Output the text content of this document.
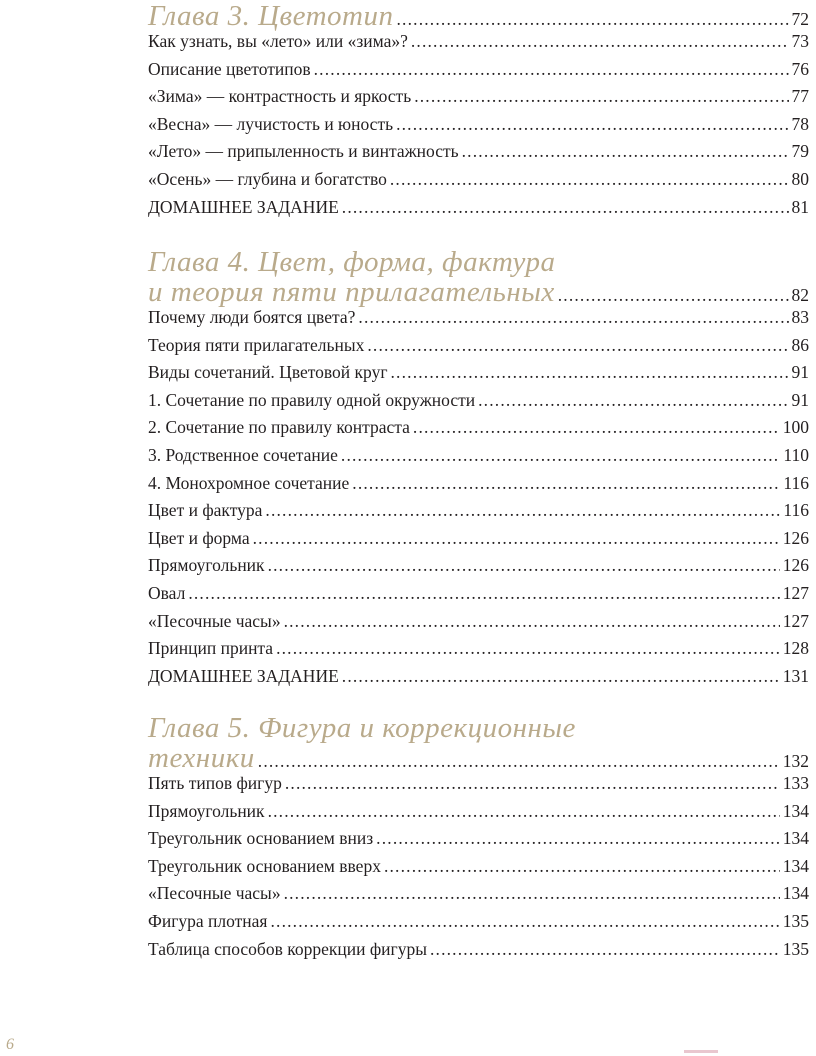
Глава 3. Цветотип . . .	72
Как узнать, вы «лето» или «зима»? . . .	73
Описание цветотипов . . .	76
«Зима» — контрастность и яркость . . .	77
«Весна» — лучистость и юность . . .	78
«Лето» — припыленность и винтажность . . .	79
«Осень» — глубина и богатство . . .	80
ДОМАШНЕЕ ЗАДАНИЕ . . .	81
Глава 4. Цвет, форма, фактура
и теория пяти прилагательных . . .	82
Почему люди боятся цвета? . . .	83
Теория пяти прилагательных . . .	86
Виды сочетаний. Цветовой круг . . .	91
1. Сочетание по правилу одной окружности . . .	91
2. Сочетание по правилу контраста . . .	100
3. Родственное сочетание . . .	110
4. Монохромное сочетание . . .	116
Цвет и фактура . . .	116
Цвет и форма . . .	126
Прямоугольник . . .	126
Овал . . .	127
«Песочные часы» . . .	127
Принцип принта . . .	128
ДОМАШНЕЕ ЗАДАНИЕ . . .	131
Глава 5. Фигура и коррекционные
техники . . .	132
Пять типов фигур . . .	133
Прямоугольник . . .	134
Треугольник основанием вниз . . .	134
Треугольник основанием вверх . . .	134
«Песочные часы» . . .	134
Фигура плотная . . .	135
Таблица способов коррекции фигуры . . .	135
6
